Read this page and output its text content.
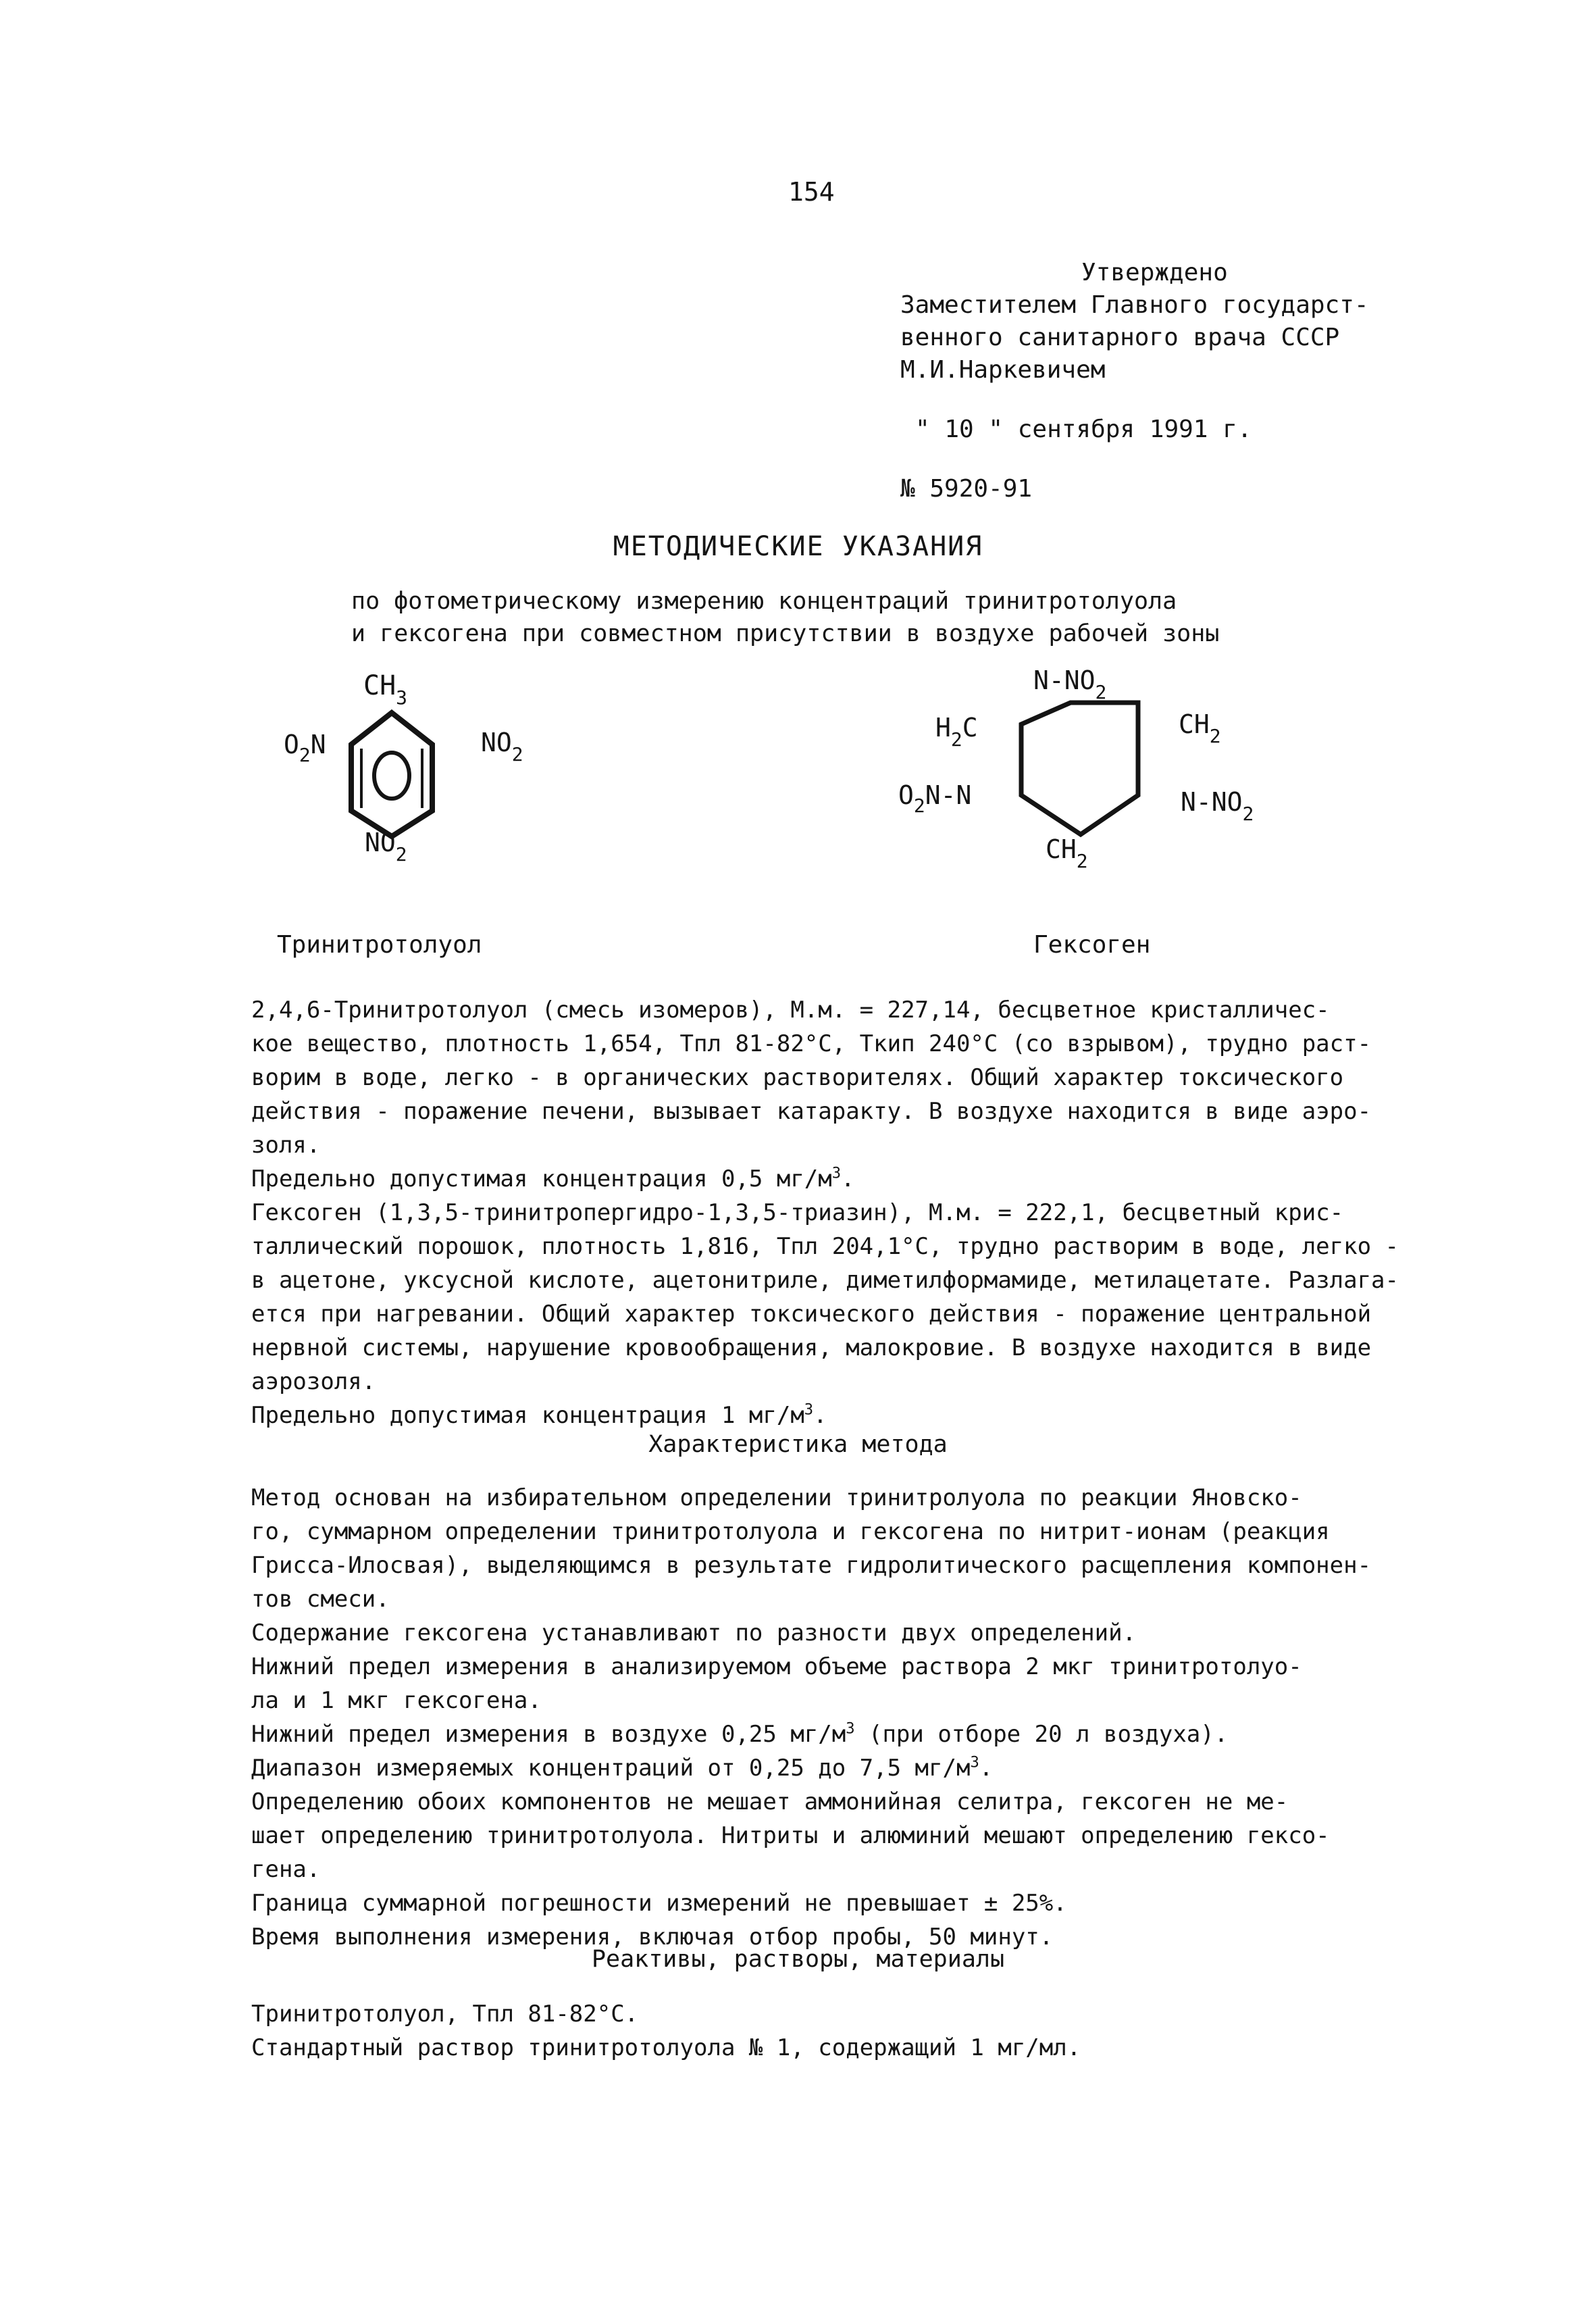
154
Утверждено
Заместителем Главного государст-
венного санитарного врача СССР
М.И.Наркевичем
" 10 " сентября 1991 г.
№ 5920-91
МЕТОДИЧЕСКИЕ УКАЗАНИЯ
по фотометрическому измерению концентраций тринитротолуола
и гексогена при совместном присутствии в воздухе рабочей зоны
$CH_3$
$O_2N$	$NO_2$
$NO_2$
$N-NO_2$
$H_2C$	$CH_2$
$O_2N-N$	$N-NO_2$
$CH_2$
Тринитротолуол	Гексоген
2,4,6-Тринитротолуол (смесь изомеров), М.м. = 227,14, бесцветное кристалличес-
кое вещество, плотность 1,654, Тпл 81-82°С, Ткип 240°С (со взрывом), трудно раст-
ворим в воде, легко - в органических растворителях. Общий характер токсического
действия - поражение печени, вызывает катаракту. В воздухе находится в виде аэро-
золя.
Предельно допустимая концентрация 0,5 $мг/м^3$.
Гексоген (1,3,5-тринитропергидро-1,3,5-триазин), М.м. = 222,1, бесцветный крис-
таллический порошок, плотность 1,816, Тпл 204,1°С, трудно растворим в воде, легко -
в ацетоне, уксусной кислоте, ацетонитриле, диметилформамиде, метилацетате. Разлага-
ется при нагревании. Общий характер токсического действия - поражение центральной
нервной системы, нарушение кровообращения, малокровие. В воздухе находится в виде
аэрозоля.
Предельно допустимая концентрация 1 $мг/м^3$.
Характеристика метода
Метод основан на избирательном определении тринитролуола по реакции Яновско-
го, суммарном определении тринитротолуола и гексогена по нитрит-ионам (реакция
Грисса-Илосвая), выделяющимся в результате гидролитического расщепления компонен-
тов смеси.
Содержание гексогена устанавливают по разности двух определений.
Нижний предел измерения в анализируемом объеме раствора 2 мкг тринитротолуо-
ла и 1 мкг гексогена.
Нижний предел измерения в воздухе 0,25 $мг/м^3$ (при отборе 20 л воздуха).
Диапазон измеряемых концентраций от 0,25 до 7,5 $мг/м^3$.
Определению обоих компонентов не мешает аммонийная селитра, гексоген не ме-
шает определению тринитротолуола. Нитриты и алюминий мешают определению гексо-
гена.
Граница суммарной погрешности измерений не превышает ± 25%.
Время выполнения измерения, включая отбор пробы, 50 минут.
Реактивы, растворы, материалы
Тринитротолуол, Тпл 81-82°С.
Стандартный раствор тринитротолуола № 1, содержащий 1 мг/мл.
